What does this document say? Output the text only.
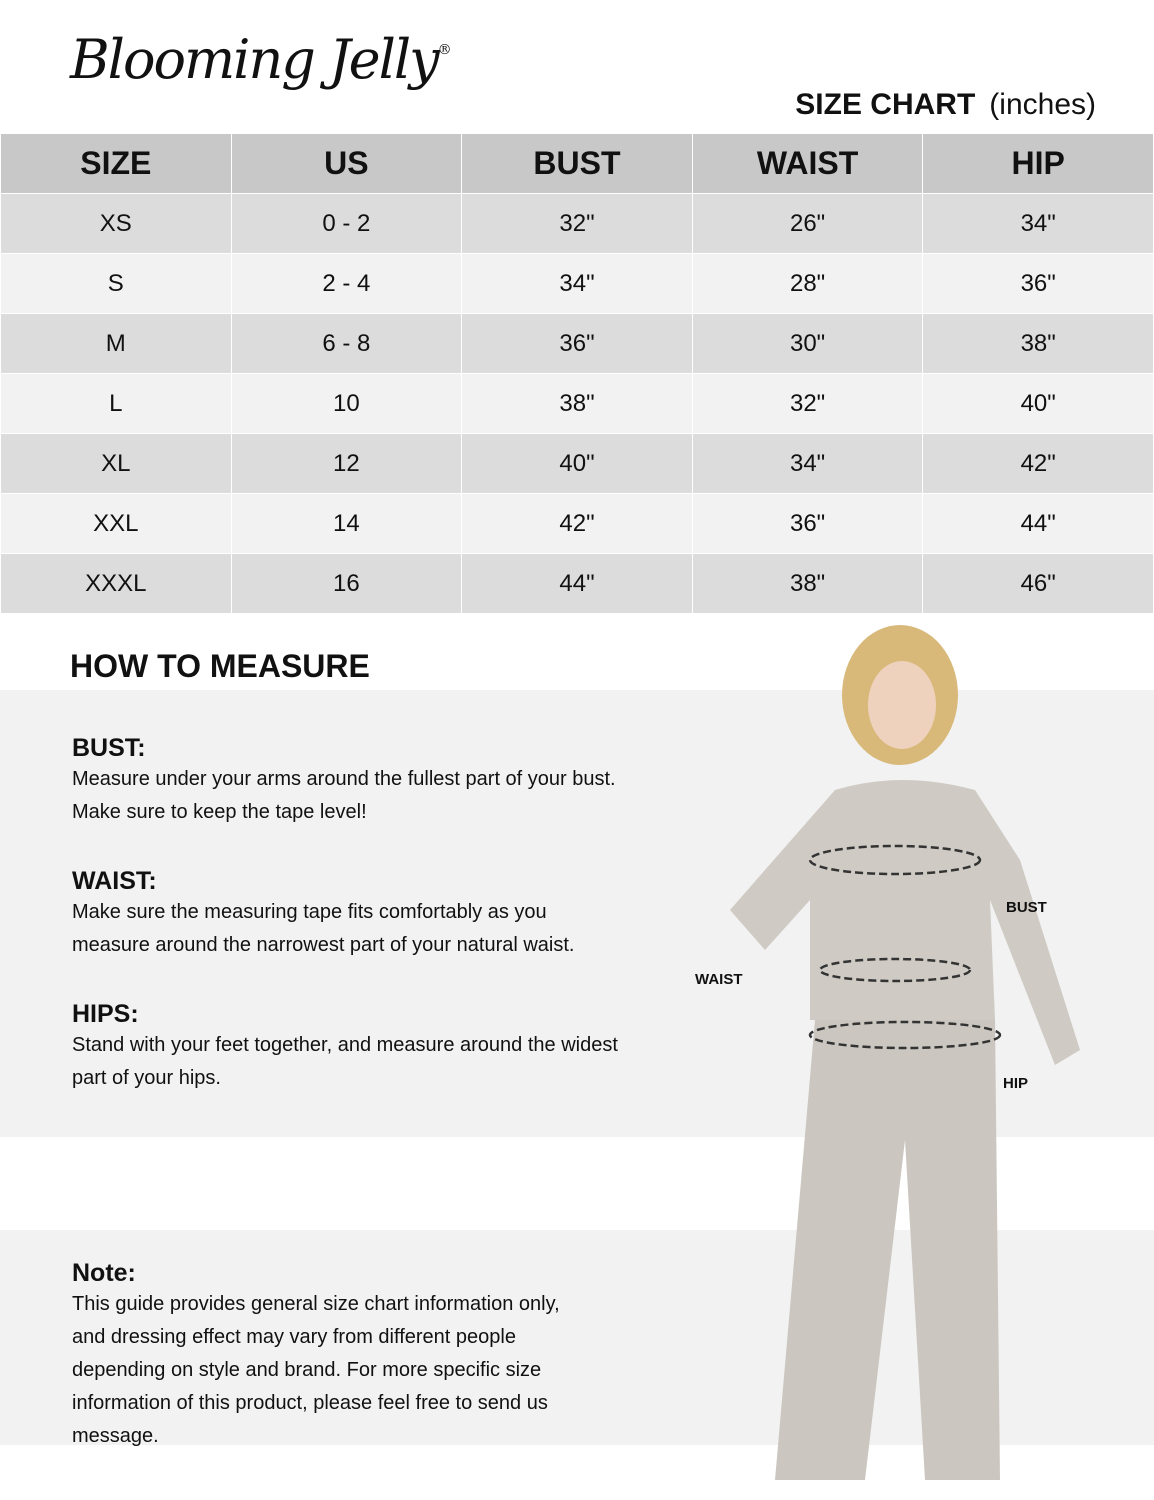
Blooming Jelly®
SIZE CHART (inches)
SIZE	US	BUST	WAIST	HIP
XS	0 - 2	32"	26"	34"
S	2 - 4	34"	28"	36"
M	6 - 8	36"	30"	38"
L	10	38"	32"	40"
XL	12	40"	34"	42"
XXL	14	42"	36"	44"
XXXL	16	44"	38"	46"
HOW TO MEASURE
BUST:
Measure under your arms around the fullest part of your bust.
Make sure to keep the tape level!
WAIST:
Make sure the measuring tape fits comfortably as you
measure around the narrowest part of your natural waist.
HIPS:
Stand with your feet together, and measure around the widest
part of your hips.
Note:
This guide provides general size chart information only,
and dressing effect may vary from different people
depending on style and brand. For more specific size
information of this product, please feel free to send us
message.
BUST
WAIST
HIP
